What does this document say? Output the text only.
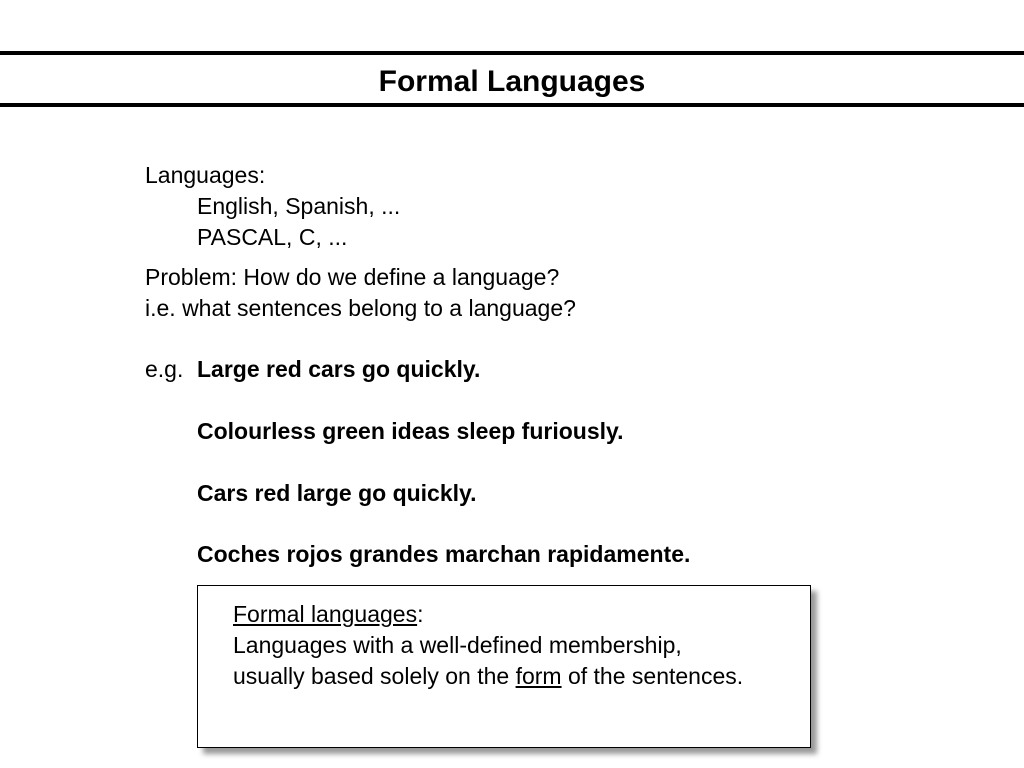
Formal Languages
Languages:
English, Spanish, ...
PASCAL, C, ...
Problem: How do we define a language?
i.e. what sentences belong to a language?
e.g. Large red cars go quickly.
Colourless green ideas sleep furiously.
Cars red large go quickly.
Coches rojos grandes marchan rapidamente.
Formal languages:
Languages with a well-defined membership,
usually based solely on the form of the sentences.
